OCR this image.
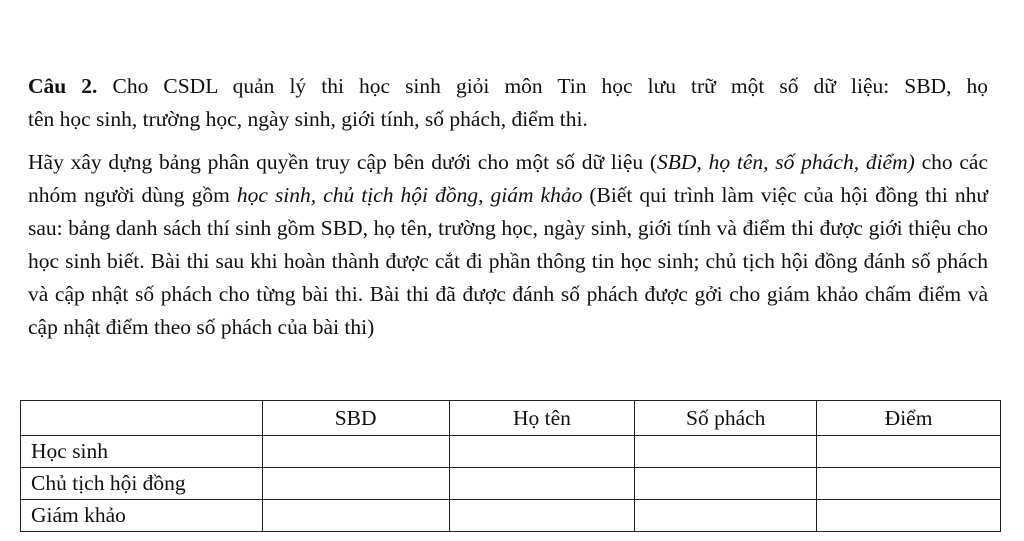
Câu 2. Cho CSDL quản lý thi học sinh giỏi môn Tin học lưu trữ một số dữ liệu: SBD, họ

tên học sinh, trường học, ngày sinh, giới tính, số phách, điểm thi.

Hãy xây dựng bảng phân quyền truy cập bên dưới cho một số dữ liệu (SBD, họ tên, số phách, điểm) cho các nhóm người dùng gồm học sinh, chủ tịch hội đồng, giám khảo (Biết qui trình làm việc của hội đồng thi như sau: bảng danh sách thí sinh gồm SBD, họ tên, trường học, ngày sinh, giới tính và điểm thi được giới thiệu cho học sinh biết. Bài thi sau khi hoàn thành được cắt đi phần thông tin học sinh; chủ tịch hội đồng đánh số phách và cập nhật số phách cho từng bài thi. Bài thi đã được đánh số phách được gởi cho giám khảo chấm điểm và cập nhật điểm theo số phách của bài thi)

	SBD	Họ tên	Số phách	Điểm
Học sinh				
Chủ tịch hội đồng				
Giám khảo				
